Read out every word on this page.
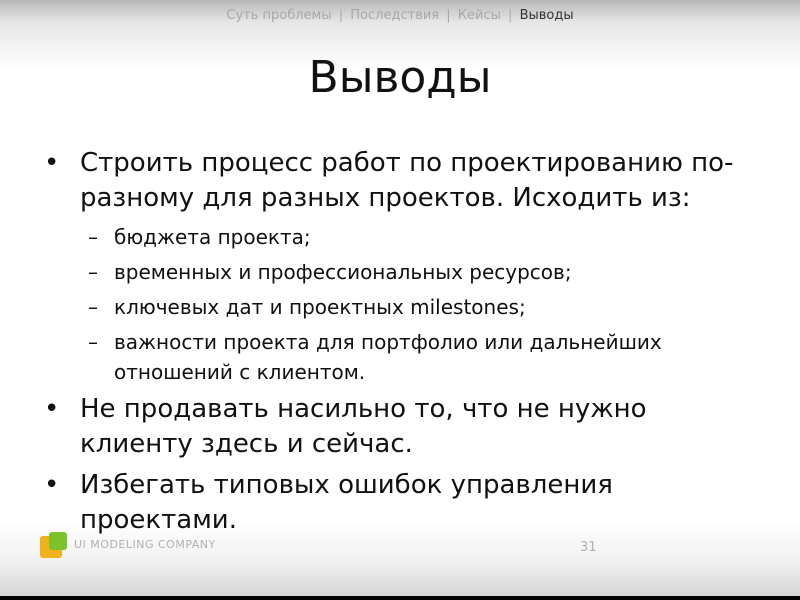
Суть проблемы | Последствия | Кейсы | Выводы
Выводы
• Строить процесс работ по проектированию по-разному для разных проектов. Исходить из:
– бюджета проекта;
– временных и профессиональных ресурсов;
– ключевых дат и проектных milestones;
– важности проекта для портфолио или дальнейших отношений с клиентом.
• Не продавать насильно то, что не нужно клиенту здесь и сейчас.
• Избегать типовых ошибок управления проектами.
UI MODELING COMPANY	31
